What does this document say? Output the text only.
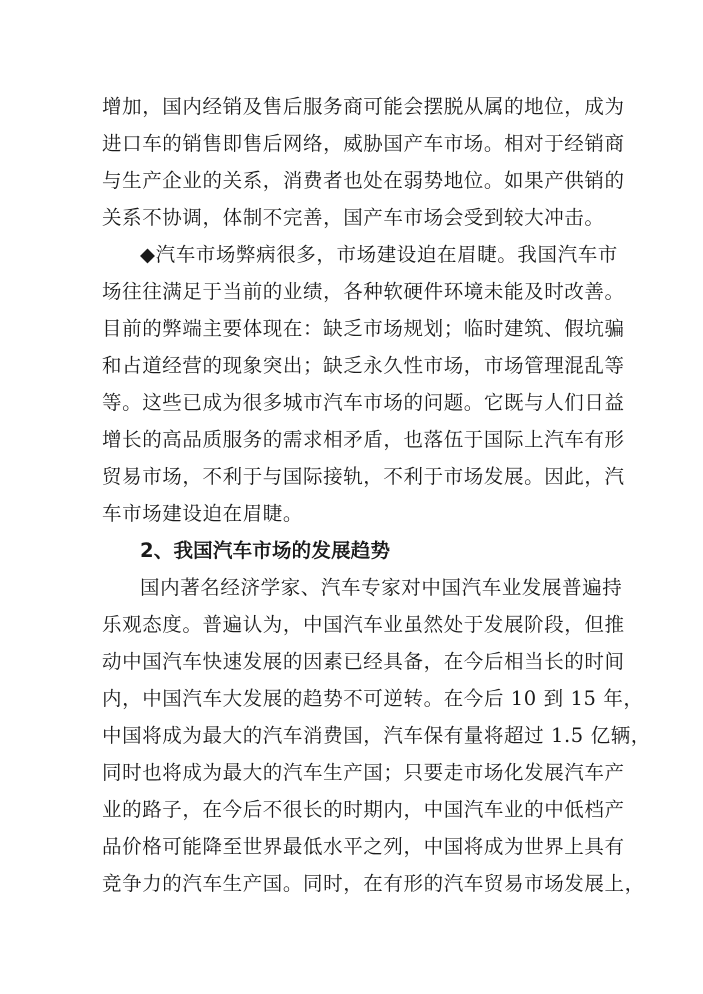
增加，国内经销及售后服务商可能会摆脱从属的地位，成为
进口车的销售即售后网络，威胁国产车市场。相对于经销商
与生产企业的关系，消费者也处在弱势地位。如果产供销的
关系不协调，体制不完善，国产车市场会受到较大冲击。
◆汽车市场弊病很多，市场建设迫在眉睫。我国汽车市
场往往满足于当前的业绩，各种软硬件环境未能及时改善。
目前的弊端主要体现在：缺乏市场规划；临时建筑、假坑骗
和占道经营的现象突出；缺乏永久性市场，市场管理混乱等
等。这些已成为很多城市汽车市场的问题。它既与人们日益
增长的高品质服务的需求相矛盾，也落伍于国际上汽车有形
贸易市场，不利于与国际接轨，不利于市场发展。因此，汽
车市场建设迫在眉睫。
2、我国汽车市场的发展趋势
国内著名经济学家、汽车专家对中国汽车业发展普遍持
乐观态度。普遍认为，中国汽车业虽然处于发展阶段，但推
动中国汽车快速发展的因素已经具备，在今后相当长的时间
内，中国汽车大发展的趋势不可逆转。在今后 10 到 15 年，
中国将成为最大的汽车消费国，汽车保有量将超过 1.5 亿辆，
同时也将成为最大的汽车生产国；只要走市场化发展汽车产
业的路子，在今后不很长的时期内，中国汽车业的中低档产
品价格可能降至世界最低水平之列，中国将成为世界上具有
竞争力的汽车生产国。同时，在有形的汽车贸易市场发展上，
